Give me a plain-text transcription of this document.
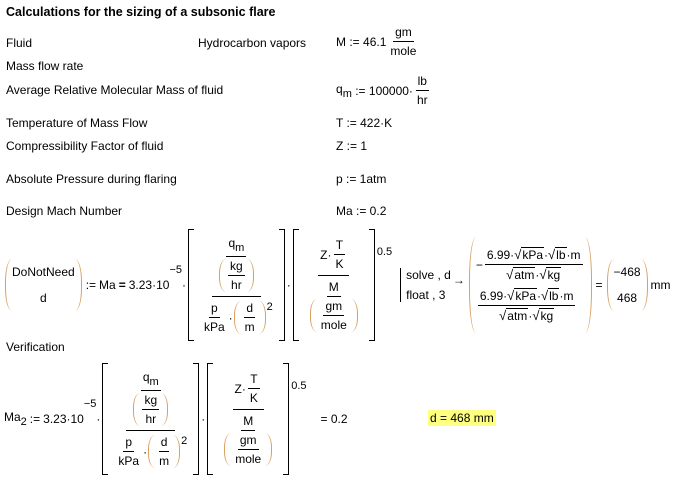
Calculations for the sizing of a subsonic flare
Fluid	Hydrocarbon vapors
Mass flow rate
Average Relative Molecular Mass of fluid
Temperature of Mass Flow
Compressibility Factor of fluid
Absolute Pressure during flaring
Design Mach Number
M
:=
$46.1 \frac{gm}{\text{mole}}$
$q_m$
:=
$100000\cdot \frac{lb}{hr}$
T := 422·K
Z := 1
p := 1atm
Ma := 0.2
DoNotNeed
d
:= Ma = 3.23·10
−5
· $\frac{\frac{q_m}{\frac{kg}{hr}}}{\frac{p}{\text{kPa}} \cdot \frac{d}{m} 2} \cdot \frac{Z\cdot \frac{T}{K}}{\frac{M}{\frac{gm}{\text{mole}}}} 0.5$
solve , d
float , 3
→
− $\frac{\text{6.99·√kPa·√lb·m}}{\text{√atm·√kg}}$
$\frac{\text{6.99·√kPa·√lb·m}}{\text{√atm·√kg}}$
=
−468
468
mm
Verification
$Ma_2$ := 3.23·10
−5
· $\frac{\frac{q_m}{\frac{kg}{hr}}}{\frac{p}{\text{kPa}} \cdot \frac{d}{m} 2} \cdot \frac{Z\cdot \frac{T}{K}}{\frac{M}{\frac{gm}{\text{mole}}}} 0.5$
= 0.2	d = 468 mm
